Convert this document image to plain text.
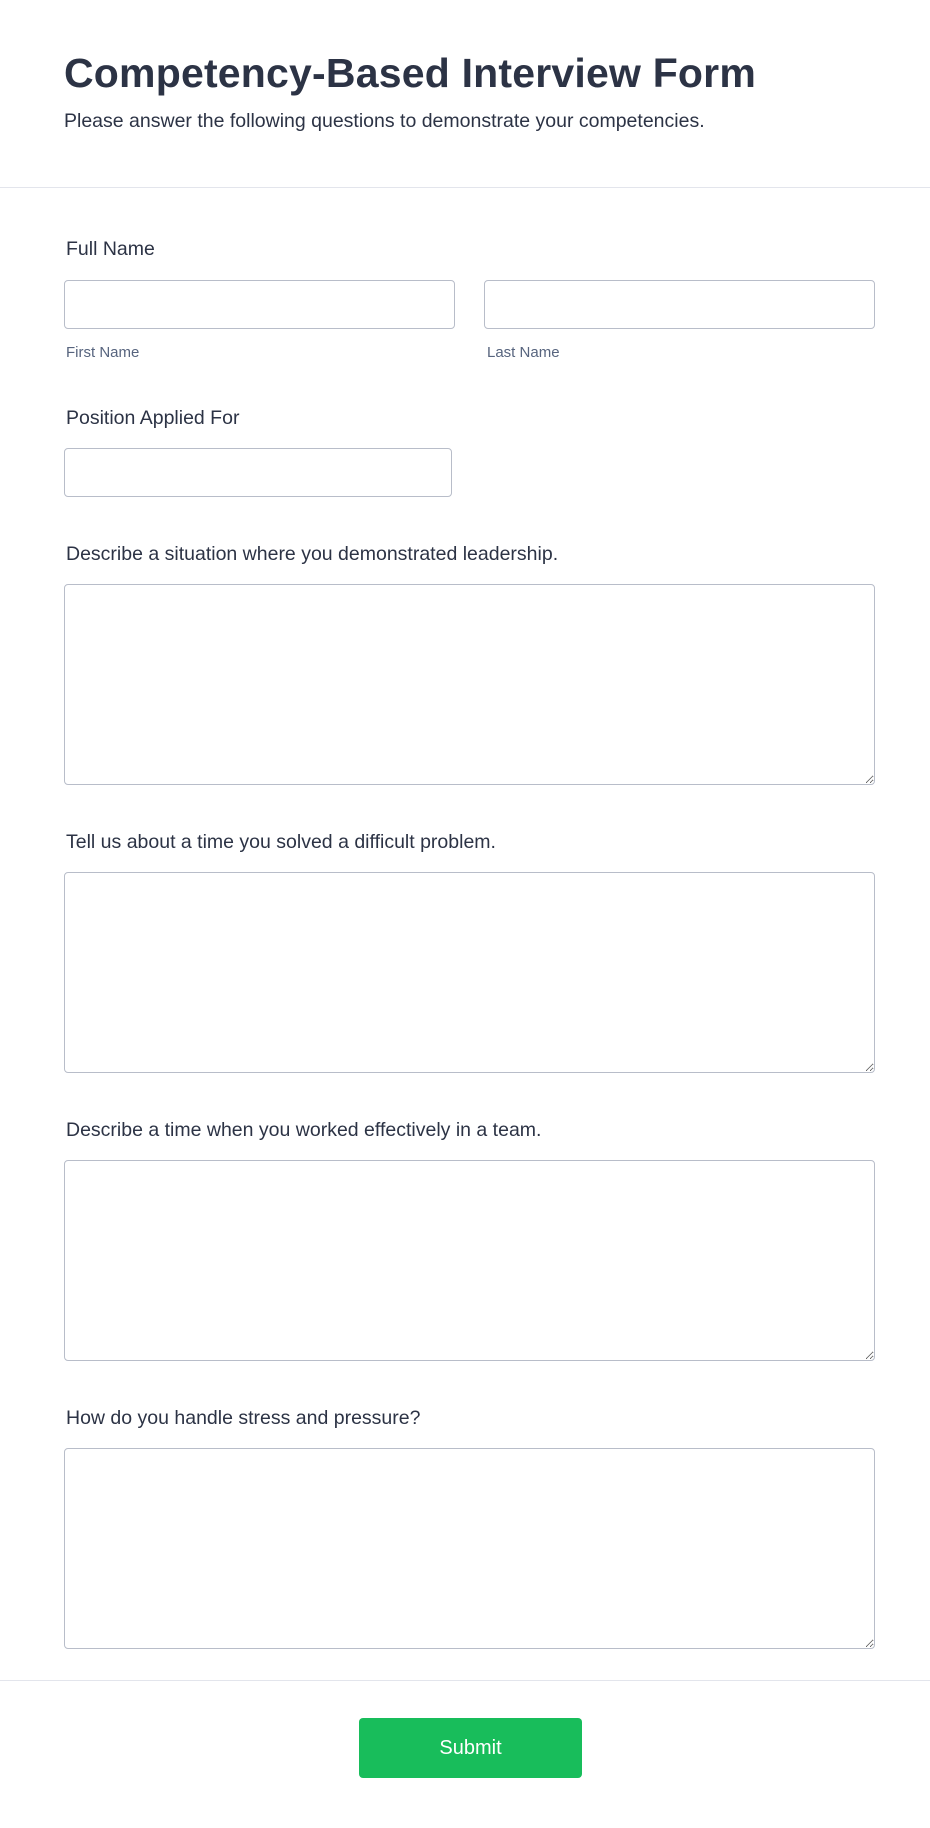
Competency-Based Interview Form

Please answer the following questions to demonstrate your competencies.

Full Name
First Name	Last Name
Position Applied For
Describe a situation where you demonstrated leadership.
Tell us about a time you solved a difficult problem.
Describe a time when you worked effectively in a team.
How do you handle stress and pressure?
Submit
